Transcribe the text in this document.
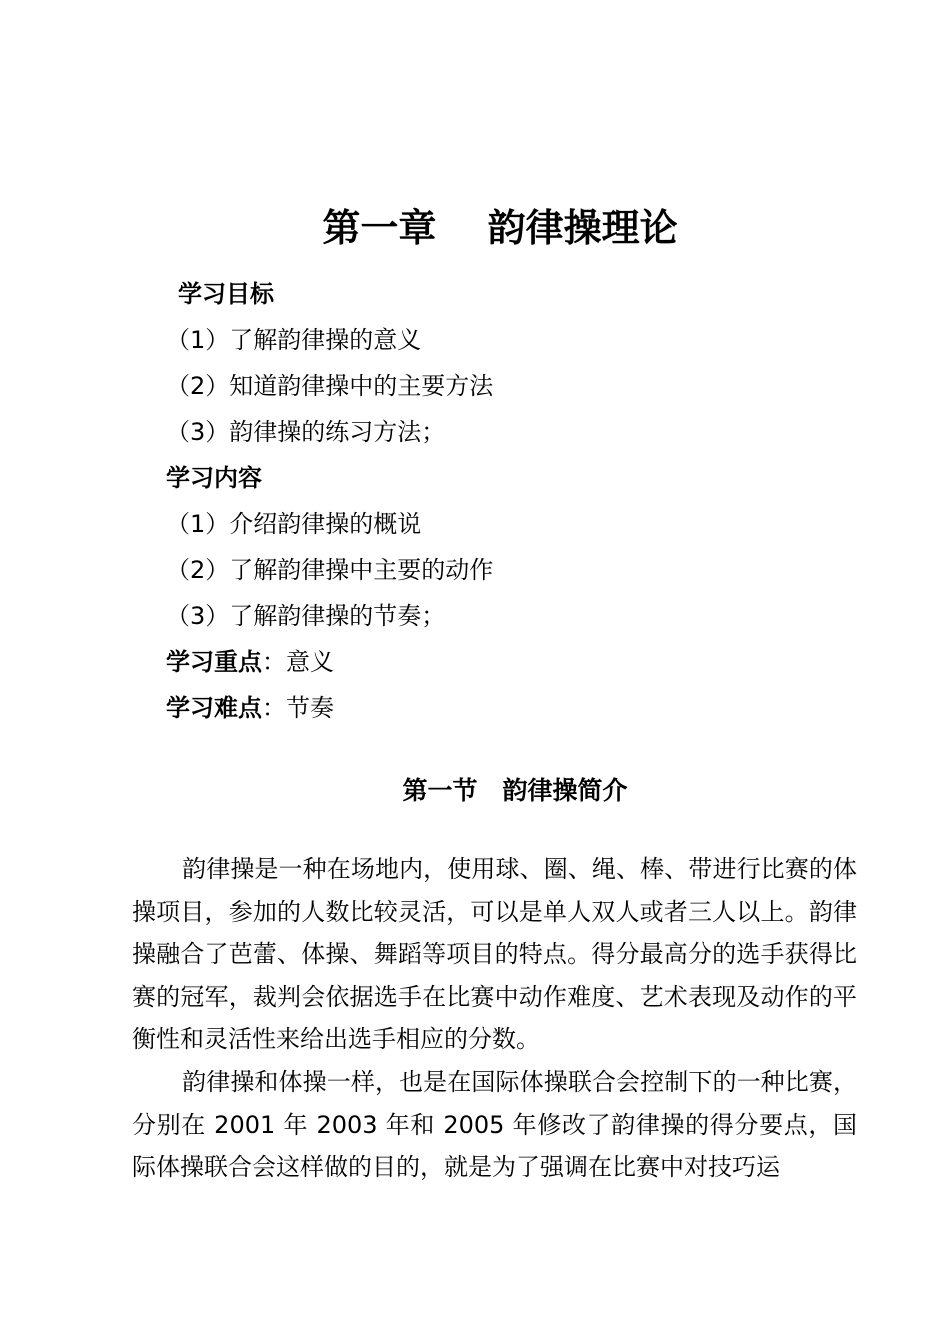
第一章　 韵律操理论
学习目标
（1）了解韵律操的意义
（2）知道韵律操中的主要方法
（3）韵律操的练习方法；
学习内容
（1）介绍韵律操的概说
（2）了解韵律操中主要的动作
（3）了解韵律操的节奏；
学习重点：意义
学习难点：节奏
第一节　韵律操简介

韵律操是一种在场地内，使用球、圈、绳、棒、带进行比赛的体操项目，参加的人数比较灵活，可以是单人双人或者三人以上。韵律操融合了芭蕾、体操、舞蹈等项目的特点。得分最高分的选手获得比赛的冠军，裁判会依据选手在比赛中动作难度、艺术表现及动作的平衡性和灵活性来给出选手相应的分数。

韵律操和体操一样，也是在国际体操联合会控制下的一种比赛，分别在 2001 年 2003 年和 2005 年修改了韵律操的得分要点，国际体操联合会这样做的目的，就是为了强调在比赛中对技巧运
